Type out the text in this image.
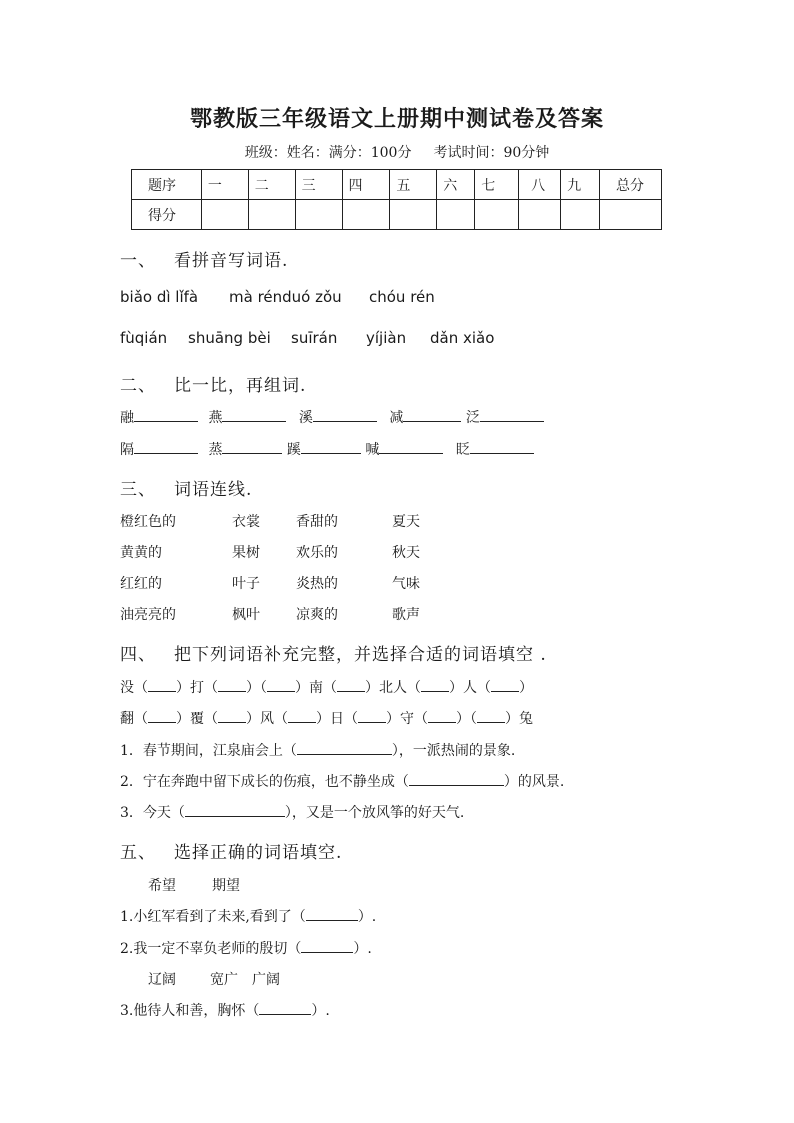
鄂教版三年级语文上册期中测试卷及答案
班级：姓名：满分：100分 考试时间：90分钟
题序	一	二	三	四	五	六	七	八	九	总分
得分										
一、 看拼音写词语.
biǎo dì lǐfà mà rénduó zǒu chóu rén
fùqián shuāng bèi suīrán yíjiàn dǎn xiǎo
二、 比一比，再组词.
融	燕	溪	减	泛
隔	蒸	蹊	喊	眨
三、 词语连线.
橙红色的	衣裳	香甜的	夏天
黄黄的	果树	欢乐的	秋天
红红的	叶子	炎热的	气味
油亮亮的	枫叶	凉爽的	歌声
四、 把下列词语补充完整，并选择合适的词语填空 .
没（ ）打（ ）（ ）南（ ）北人（ ）人（ ）
翻（ ）覆（ ）风（ ）日（ ）守（ ）（ ）兔
1．春节期间，江泉庙会上（	），一派热闹的景象.
2．宁在奔跑中留下成长的伤痕，也不静坐成（	）的风景.
3．今天（	），又是一个放风筝的好天气.
五、 选择正确的词语填空.
希望	期望
1.小红军看到了未来,看到了（	）.
2.我一定不辜负老师的殷切（	）.
辽阔 宽广 广阔
3.他待人和善，胸怀（	）.
